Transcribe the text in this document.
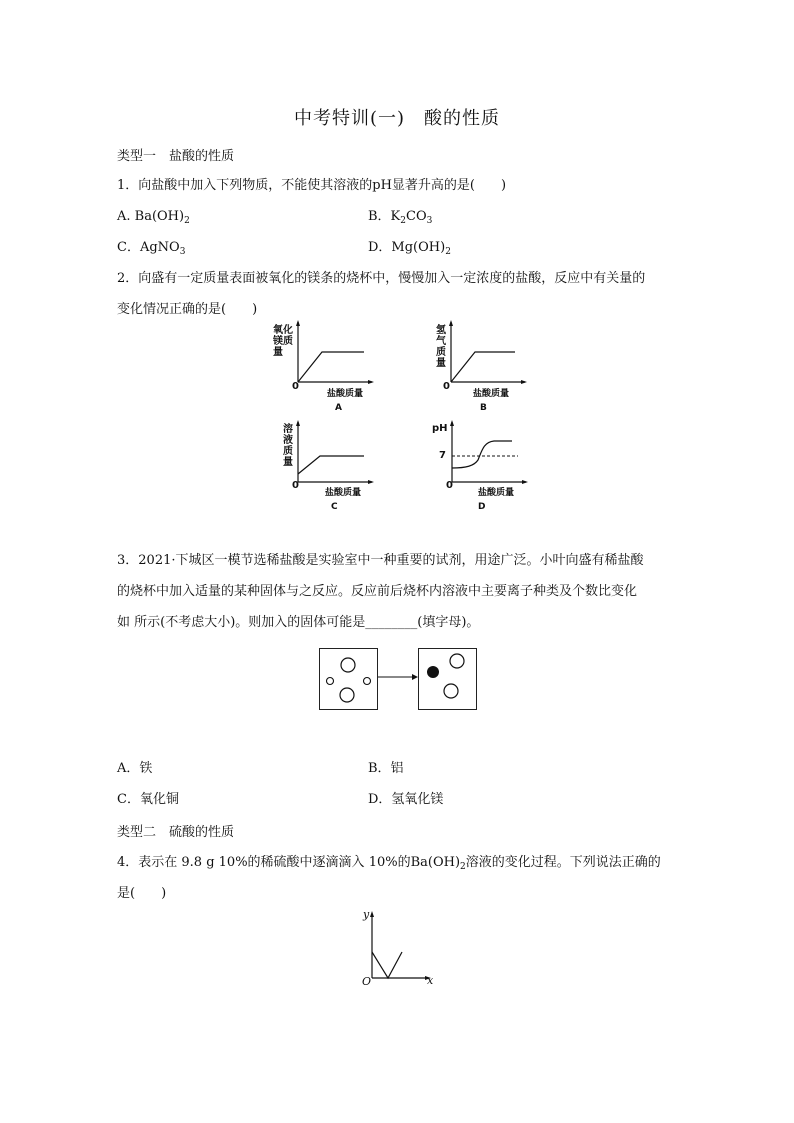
中考特训(一)　酸的性质
类型一　盐酸的性质
1．向盐酸中加入下列物质，不能使其溶液的pH显著升高的是(　　)
A. $Ba(OH)_2$	B．$K_2CO_3$
C．AgNO$_3$	D．$Mg(OH)_2$
2．向盛有一定质量表面被氧化的镁条的烧杯中，慢慢加入一定浓度的盐酸，反应中有关量的
变化情况正确的是(　　)
氧化
镁质
量
0
盐酸质量
A
氢
气
质
量
0
盐酸质量
B
溶
液
质
量
0
盐酸质量
C
pH
7
0
盐酸质量
D
3．2021·下城区一模节选稀盐酸是实验室中一种重要的试剂，用途广泛。小叶向盛有稀盐酸
的烧杯中加入适量的某种固体与之反应。反应前后烧杯内溶液中主要离子种类及个数比变化
如 所示(不考虑大小)。则加入的固体可能是________(填字母)。
A．铁	B．铝
C．氧化铜	D．氢氧化镁
类型二　硫酸的性质
4．表示在 9.8 g 10%的稀硫酸中逐滴滴入 10%的$Ba(OH)_2$溶液的变化过程。下列说法正确的
是(　　)
y
x
O
